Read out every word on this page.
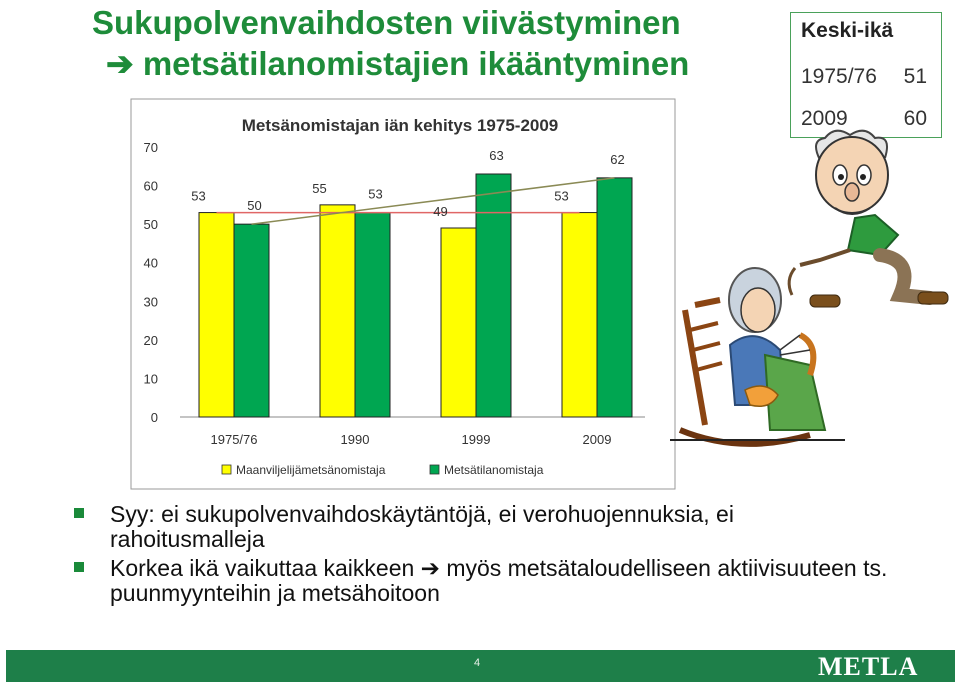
Sukupolvenvaihdosten viivästyminen
➔ metsätilanomistajien ikääntyminen
Keski-ikä
1975/76 51
2009	60
Metsänomistajan iän kehitys 1975-2009
0
10
20
30
40
50
60
70
53
50
55	53
49
63
53
62
1975/76	1990	1999	2009
Maanviljelijämetsänomistaja	Metsätilanomistaja
Syy: ei sukupolvenvaihdoskäytäntöjä, ei verohuojennuksia, ei rahoitusmalleja
Korkea ikä vaikuttaa kaikkeen ➔ myös metsätaloudelliseen aktiivisuuteen ts. puunmyynteihin ja metsähoitoon
4	METLA
